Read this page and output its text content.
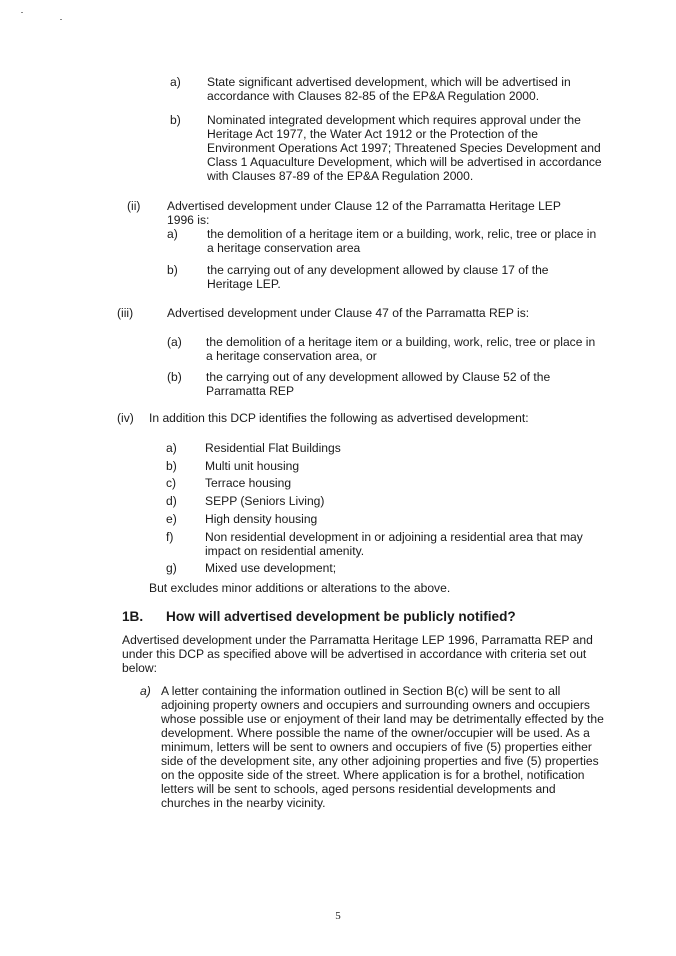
a)	State significant advertised development, which will be advertised in accordance with Clauses 82-85 of the EP&A Regulation 2000.
b)	Nominated integrated development which requires approval under the Heritage Act 1977, the Water Act 1912 or the Protection of the Environment Operations Act 1997; Threatened Species Development and Class 1 Aquaculture Development, which will be advertised in accordance with Clauses 87-89 of the EP&A Regulation 2000.
(ii)	Advertised development under Clause 12 of the Parramatta Heritage LEP 1996 is:
a)	the demolition of a heritage item or a building, work, relic, tree or place in a heritage conservation area
b)	the carrying out of any development allowed by clause 17 of the Heritage LEP.
(iii)	Advertised development under Clause 47 of the Parramatta REP is:
(a)	the demolition of a heritage item or a building, work, relic, tree or place in a heritage conservation area, or
(b)	the carrying out of any development allowed by Clause 52 of the Parramatta REP
(iv)	In addition this DCP identifies the following as advertised development:
a)	Residential Flat Buildings
b)	Multi unit housing
c)	Terrace housing
d)	SEPP (Seniors Living)
e)	High density housing
f)	Non residential development in or adjoining a residential area that may impact on residential amenity.
g)	Mixed use development;
But excludes minor additions or alterations to the above.
1B.	How will advertised development be publicly notified?
Advertised development under the Parramatta Heritage LEP 1996, Parramatta REP and under this DCP as specified above will be advertised in accordance with criteria set out below:
a) A letter containing the information outlined in Section B(c) will be sent to all adjoining property owners and occupiers and surrounding owners and occupiers whose possible use or enjoyment of their land may be detrimentally effected by the development. Where possible the name of the owner/occupier will be used. As a minimum, letters will be sent to owners and occupiers of five (5) properties either side of the development site, any other adjoining properties and five (5) properties on the opposite side of the street. Where application is for a brothel, notification letters will be sent to schools, aged persons residential developments and churches in the nearby vicinity.
5
